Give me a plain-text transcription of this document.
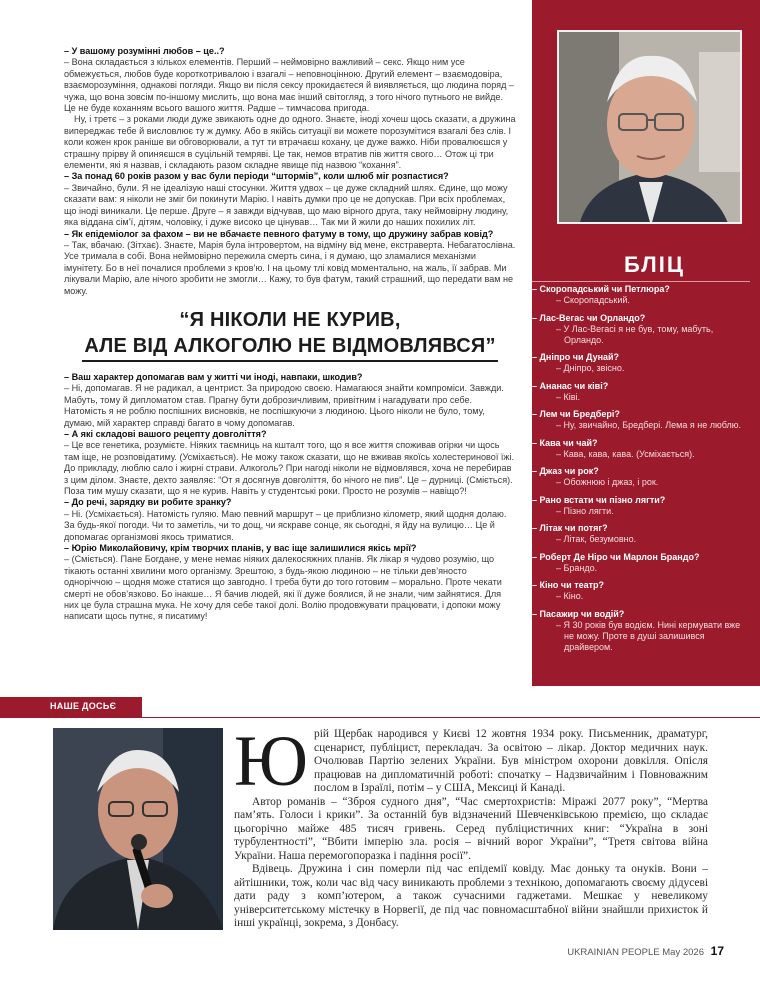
– У вашому розумінні любов – це..?

– Вона складається з кількох елементів. Перший – неймовірно важливий – секс. Якщо ним усе обмежується, любов буде короткотривалою і взагалі – неповноцінною. Другий елемент – взаємодовіра, взаєморозуміння, однакові погляди. Якщо ви після сексу прокидаєтеся й виявляється, що людина поряд – чужа, що вона зовсім по-іншому мислить, що вона має інший світогляд, з того нічого путнього не вийде. Це не буде коханням всього вашого життя. Радше – тимчасова пригода.

Ну, і третє – з роками люди дуже звикають одне до одного. Знаєте, іноді хочеш щось сказати, а дружина випереджає тебе й висловлює ту ж думку. Або в якійсь ситуації ви можете порозумітися взагалі без слів. І коли кожен крок раніше ви обговорювали, а тут ти втрачаєш кохану, це дуже важко. Ніби провалюєшся у страшну прірву й опиняєшся в суцільній темряві. Це так, немов втратив пів життя свого… Отож ці три елементи, які я назвав, і складають разом складне явище під назвою “кохання”.

– За понад 60 років разом у вас були періоди “штормів”, коли шлюб міг розпастися?

– Звичайно, були. Я не ідеалізую наші стосунки. Життя удвох – це дуже складний шлях. Єдине, що можу сказати вам: я ніколи не зміг би покинути Марію. І навіть думки про це не допускав. При всіх проблемах, що іноді виникали. Це перше. Друге – я завжди відчував, що маю вірного друга, таку неймовірну людину, яка віддана сім’ї, дітям, чоловіку, і дуже високо це цінував… Так ми й жили до наших похилих літ.

– Як епідеміолог за фахом – ви не вбачаєте певного фатуму в тому, що дружину забрав ковід?

– Так, вбачаю. (Зітхає). Знаєте, Марія була інтровертом, на відміну від мене, екстраверта. Небагатослівна. Усе тримала в собі. Вона неймовірно пережила смерть сина, і я думаю, що зламалися механізми імунітету. Бо в неї почалися проблеми з кров’ю. І на цьому тлі ковід моментально, на жаль, її забрав. Ми лікували Марію, але нічого зробити не змогли… Кажу, то був фатум, такий страшний, що передати вам не можу.

“Я НІКОЛИ НЕ КУРИВ,
АЛЕ ВІД АЛКОГОЛЮ НЕ ВІДМОВЛЯВСЯ”

– Ваш характер допомагав вам у житті чи іноді, навпаки, шкодив?

– Ні, допомагав. Я не радикал, а центрист. За природою своєю. Намагаюся знайти компроміси. Завжди. Мабуть, тому й дипломатом став. Прагну бути доброзичливим, привітним і нагадувати про себе. Натомість я не роблю поспішних висновків, не поспішкуючи з людиною. Цього ніколи не було, тому, думаю, мій характер справді багато в чому допомагав.

– А які складові вашого рецепту довголіття?

– Це все генетика, розумієте. Ніяких таємниць на кшталт того, що я все життя споживав огірки чи щось там іще, не розповідатиму. (Усміхається). Не можу також сказати, що не вживав якоїсь холестеринової їжі. До прикладу, люблю сало і жирні страви. Алкоголь? При нагоді ніколи не відмовлявся, хоча не перебирав з цим ділом. Знаєте, дехто заявляє: “От я досягнув довголіття, бо нічого не пив”. Це – дурниці. (Сміється). Поза тим мушу сказати, що я не курив. Навіть у студентські роки. Просто не розумів – навіщо?!

– До речі, зарядку ви робите зранку?

– Ні. (Усміхається). Натомість гуляю. Маю певний маршрут – це приблизно кілометр, який щодня долаю. За будь-якої погоди. Чи то заметіль, чи то дощ, чи яскраве сонце, як сьогодні, я йду на вулицю… Це й допомагає організмові якось триматися.

– Юрію Миколайовичу, крім творчих планів, у вас іще залишилися якісь мрії?

– (Сміється). Пане Богдане, у мене немає ніяких далекосяжних планів. Як лікар я чудово розумію, що тікають останні хвилини мого організму. Зрештою, з будь-якою людиною – не тільки дев’яносто одноріччою – щодня може статися що завгодно. І треба бути до того готовим – морально. Проте чекати смерті не обов’язково. Бо інакше… Я бачив людей, які її дуже боялися, й не знали, чим зайнятися. Для них це була страшна мука. Не хочу для себе такої долі. Волію продовжувати працювати, і допоки можу написати щось путнє, я писатиму!

БЛІЦ
– Скоропадський чи Петлюра?
– Скоропадський.
– Лас-Вегас чи Орландо?
– У Лас-Вегасі я не був, тому, мабуть, Орландо.
– Дніпро чи Дунай?
– Дніпро, звісно.
– Ананас чи ківі?
– Ківі.
– Лем чи Бредбері?
– Ну, звичайно, Бредбері. Лема я не люблю.
– Кава чи чай?
– Кава, кава, кава. (Усміхається).
– Джаз чи рок?
– Обожнюю і джаз, і рок.
– Рано встати чи пізно лягти?
– Пізно лягти.
– Літак чи потяг?
– Літак, безумовно.
– Роберт Де Ніро чи Марлон Брандо?
– Брандо.
– Кіно чи театр?
– Кіно.
– Пасажир чи водій?
– Я 30 років був водієм. Нині кермувати вже не можу. Проте в душі залишився драйвером.
НАШЕ ДОСЬЄ
Ю рій Щербак народився у Києві 12 жовтня 1934 року. Письменник, драматург, сценарист, публіцист, перекладач. За освітою – лікар. Доктор медичних наук. Очолював Партію зелених України. Був міністром охорони довкілля. Опісля працював на дипломатичній роботі: спочатку – Надзвичайним і Повноважним послом в Ізраїлі, потім – у США, Мексиці й Канаді.

Автор романів – “Зброя судного дня”, “Час смертохристів: Міражі 2077 року”, “Мертва пам’ять. Голоси і крики”. За останній був відзначений Шевченківською премією, що складає цьогорічно майже 485 тисяч гривень. Серед публіцистичних книг: “Україна в зоні турбулентності”, “Вбити імперію зла. росія – вічний ворог України”, “Третя світова війна України. Наша перемогопоразка і падіння росії”.

Вдівець. Дружина і син померли під час епідемії ковіду. Має доньку та онуків. Вони – айтішники, тож, коли час від часу виникають проблеми з технікою, допомагають своєму дідусеві дати раду з комп’ютером, а також сучасними гаджетами. Мешкає у невеликому університетському містечку в Норвегії, де під час повномасштабної війни знайшли прихисток й інші українці, зокрема, з Донбасу.

UKRAINIAN PEOPLE May 2026 17
